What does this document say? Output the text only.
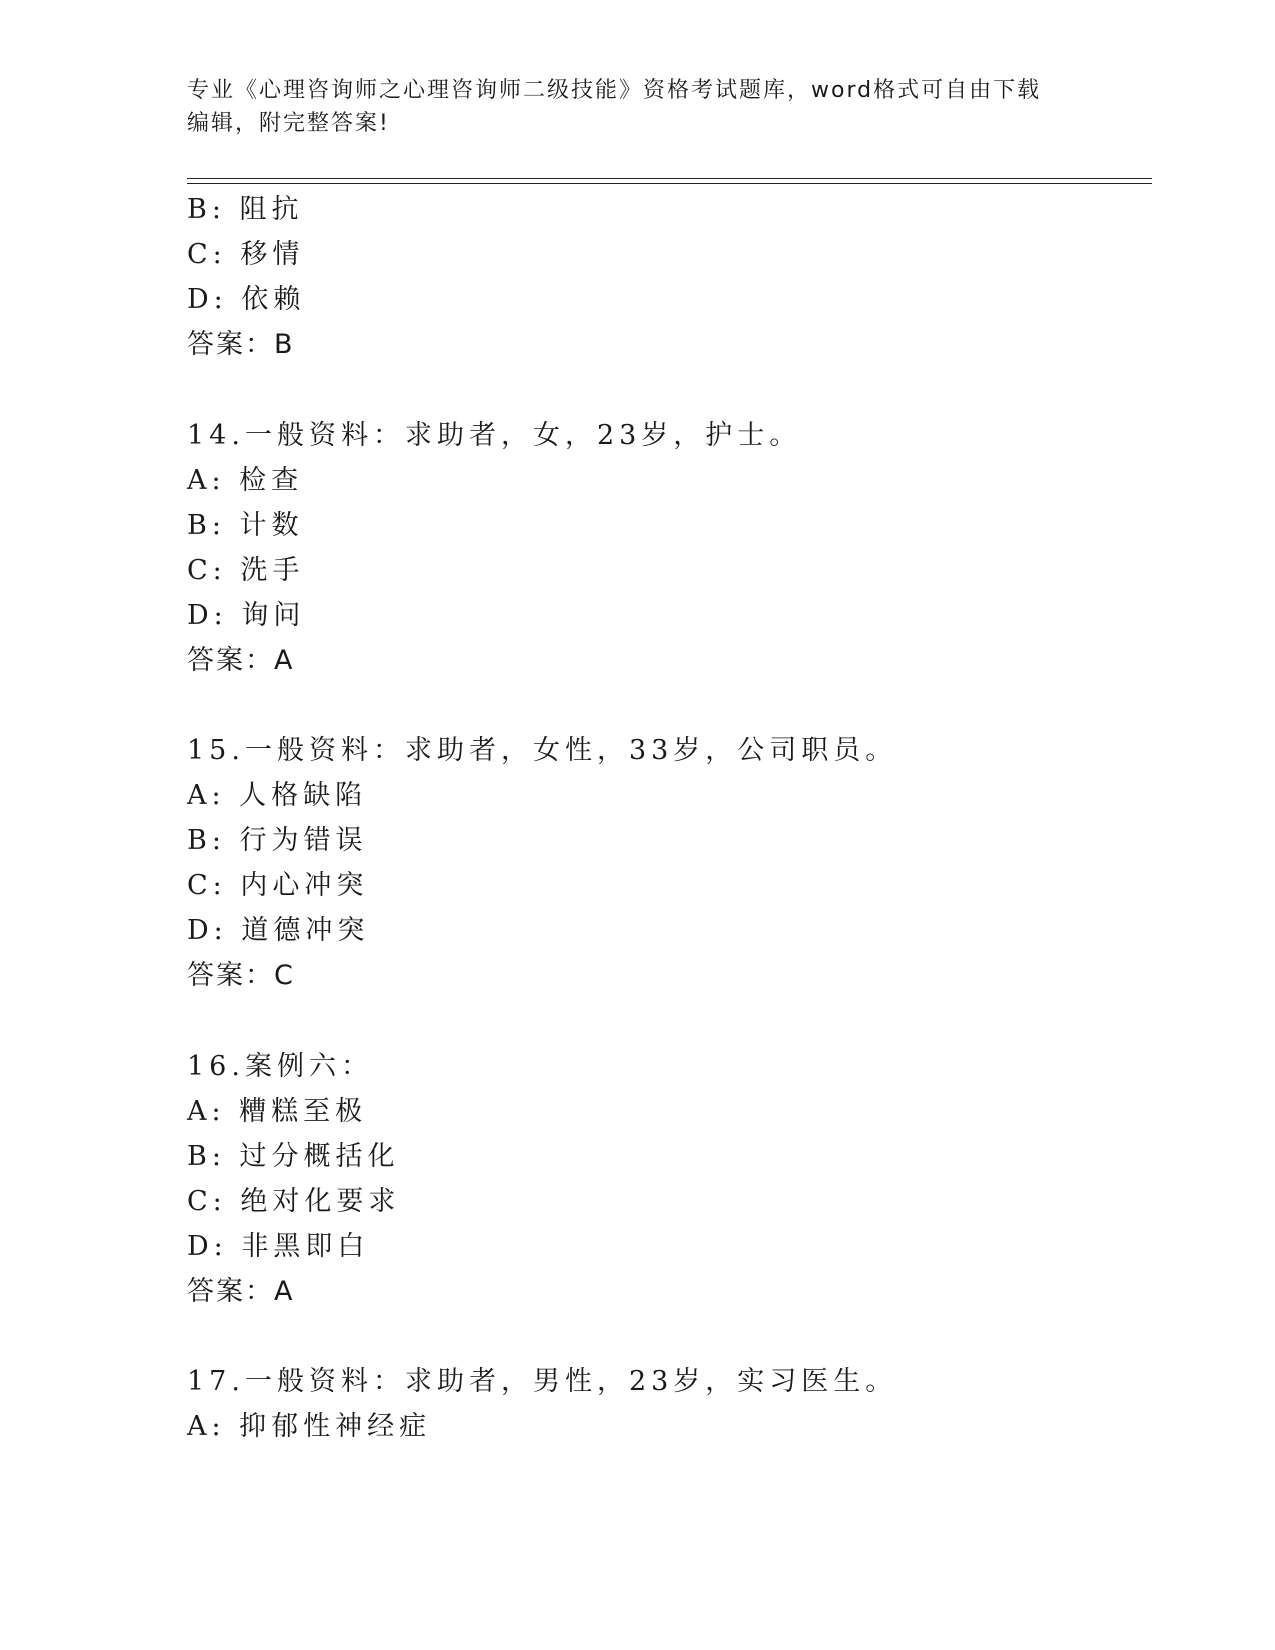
专业《心理咨询师之心理咨询师二级技能》资格考试题库，word格式可自由下载
编辑，附完整答案!
B: 阻抗
C: 移情
D: 依赖
答案：B
14.一般资料：求助者，女，23岁，护士。
A: 检查
B: 计数
C: 洗手
D: 询问
答案：A
15.一般资料：求助者，女性，33岁，公司职员。
A: 人格缺陷
B: 行为错误
C: 内心冲突
D: 道德冲突
答案：C
16.案例六：
A: 糟糕至极
B: 过分概括化
C: 绝对化要求
D: 非黑即白
答案：A
17.一般资料：求助者，男性，23岁，实习医生。
A: 抑郁性神经症
